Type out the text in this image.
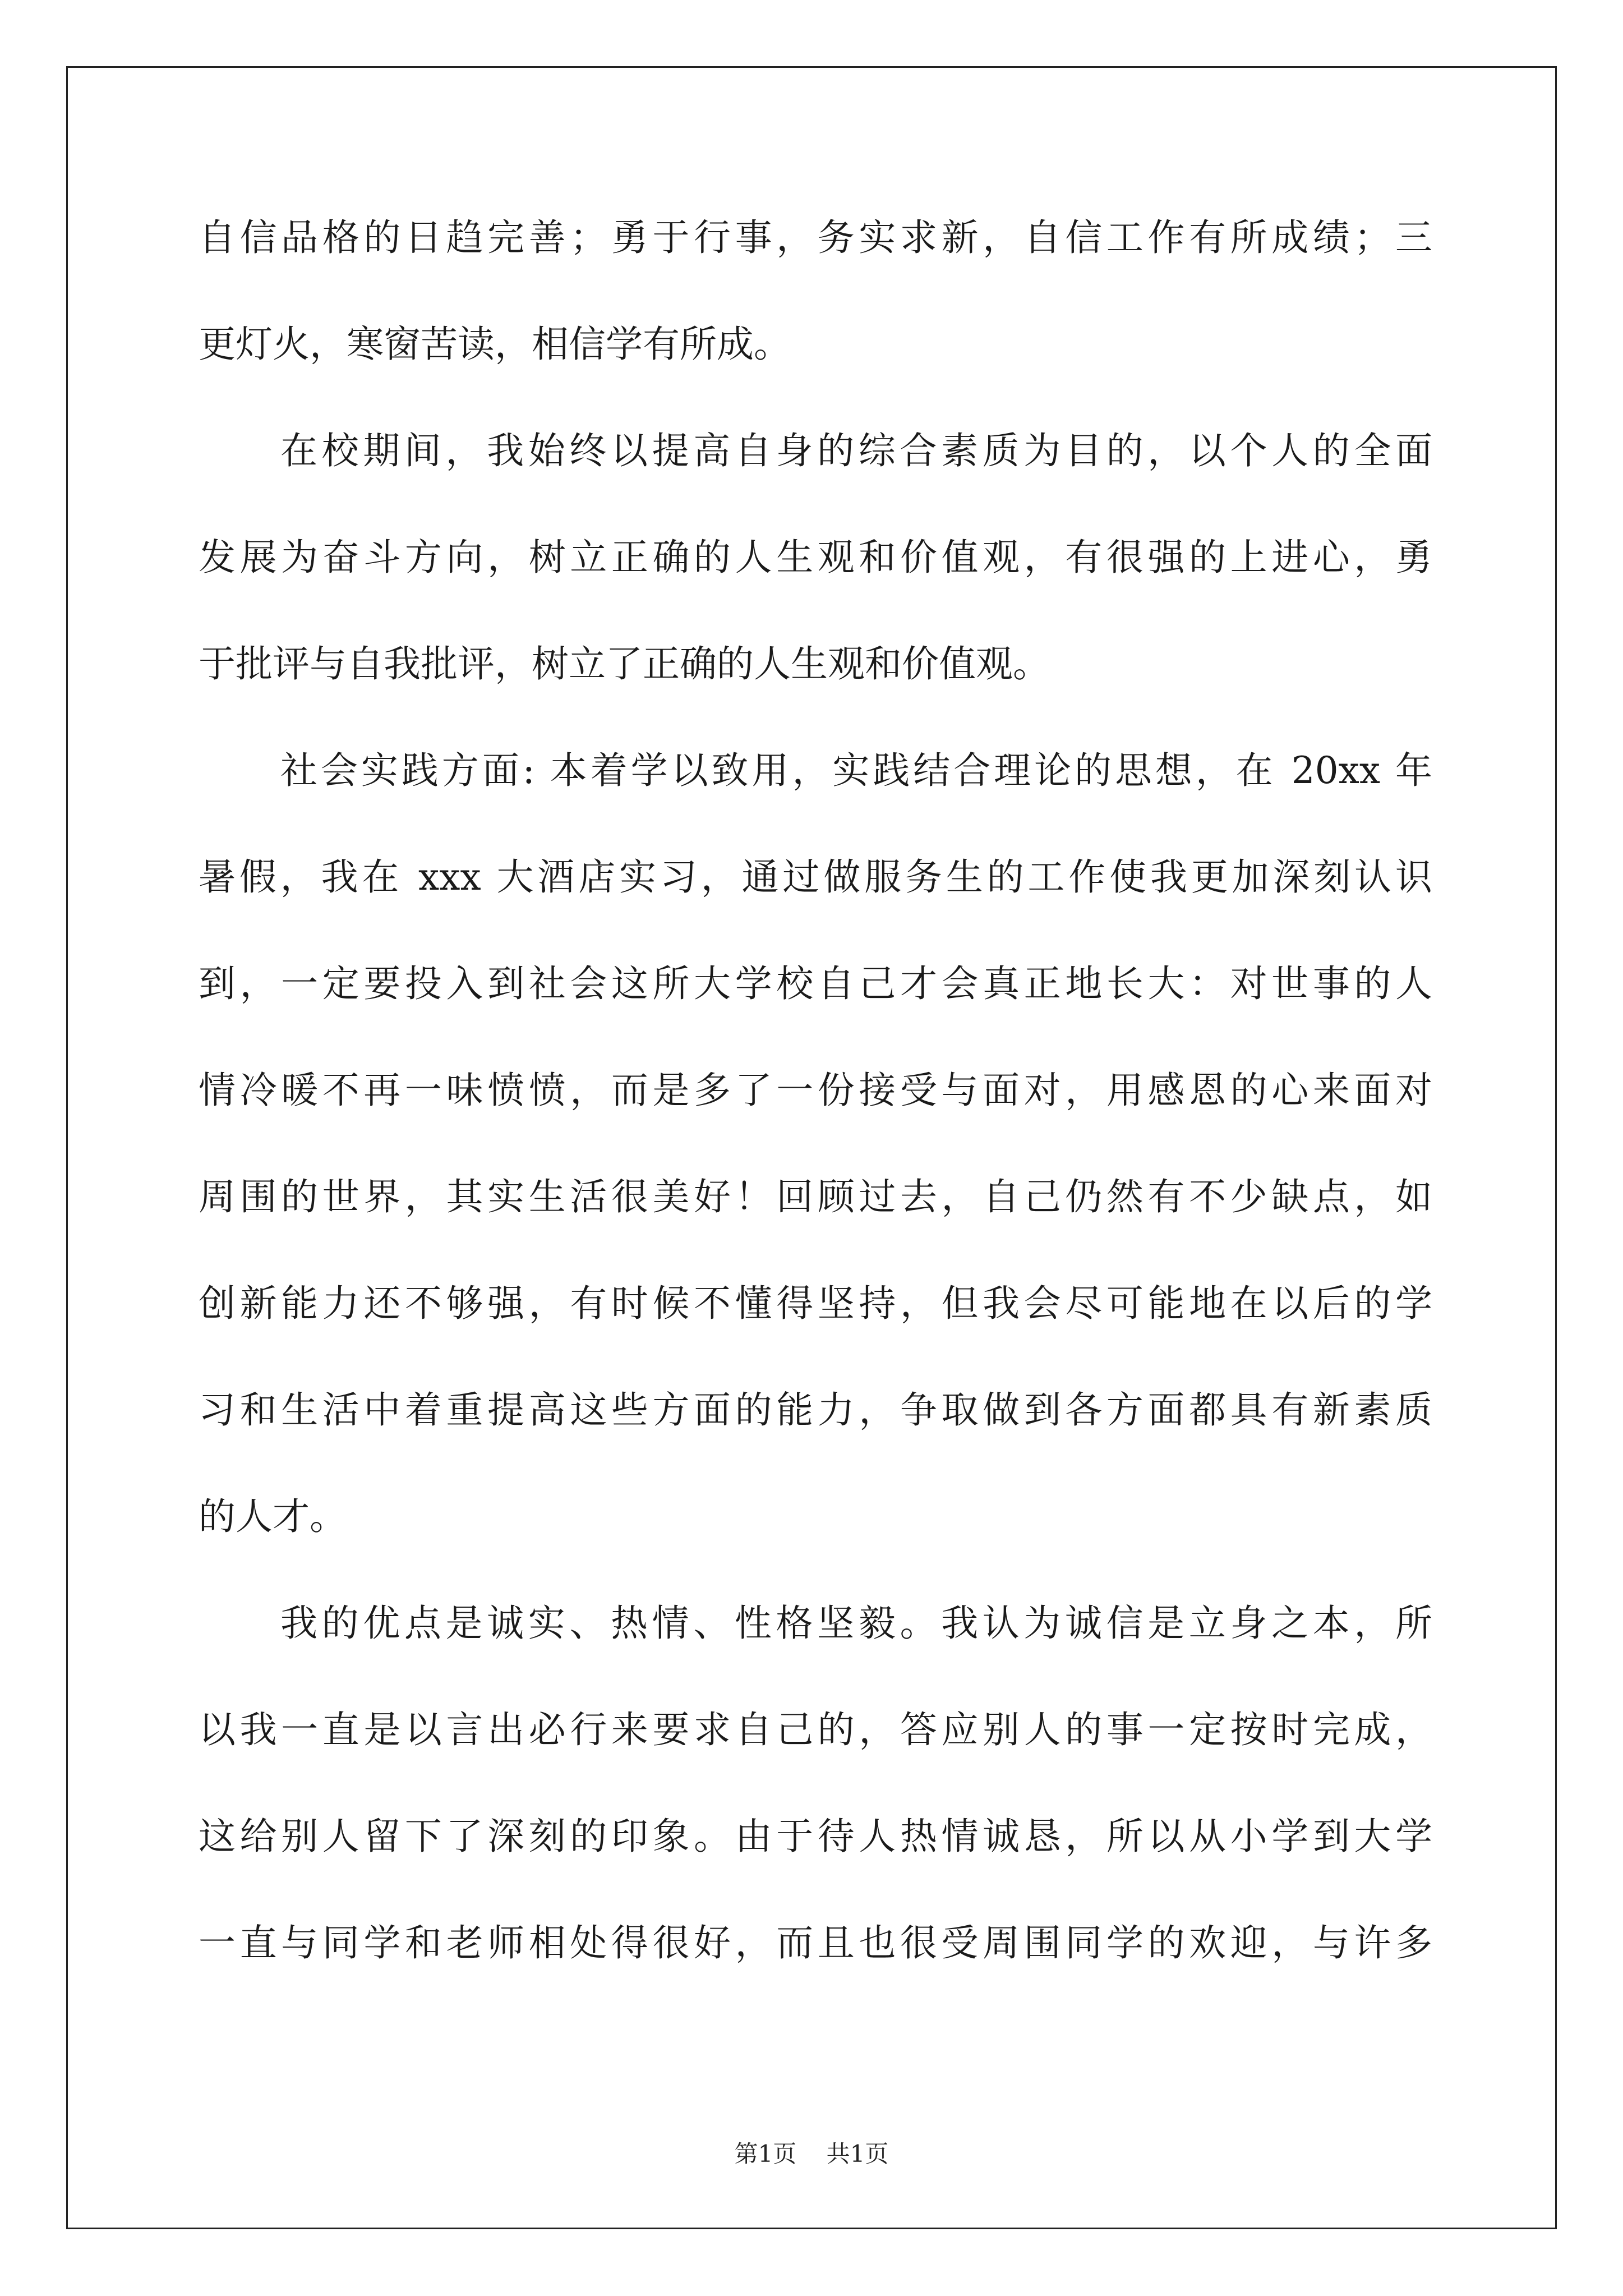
自信品格的日趋完善；勇于行事，务实求新，自信工作有所成绩；三
更灯火，寒窗苦读，相信学有所成。
在校期间，我始终以提高自身的综合素质为目的，以个人的全面
发展为奋斗方向，树立正确的人生观和价值观，有很强的上进心，勇
于批评与自我批评，树立了正确的人生观和价值观。
社会实践方面: 本着学以致用，实践结合理论的思想，在 20xx 年
暑假，我在 xxx 大酒店实习，通过做服务生的工作使我更加深刻认识
到，一定要投入到社会这所大学校自己才会真正地长大：对世事的人
情冷暖不再一味愤愤，而是多了一份接受与面对，用感恩的心来面对
周围的世界，其实生活很美好！回顾过去，自己仍然有不少缺点，如
创新能力还不够强，有时候不懂得坚持，但我会尽可能地在以后的学
习和生活中着重提高这些方面的能力，争取做到各方面都具有新素质
的人才。
我的优点是诚实、热情、性格坚毅。我认为诚信是立身之本，所
以我一直是以言出必行来要求自己的，答应别人的事一定按时完成，
这给别人留下了深刻的印象。由于待人热情诚恳，所以从小学到大学
一直与同学和老师相处得很好，而且也很受周围同学的欢迎，与许多
第1页 共1页
